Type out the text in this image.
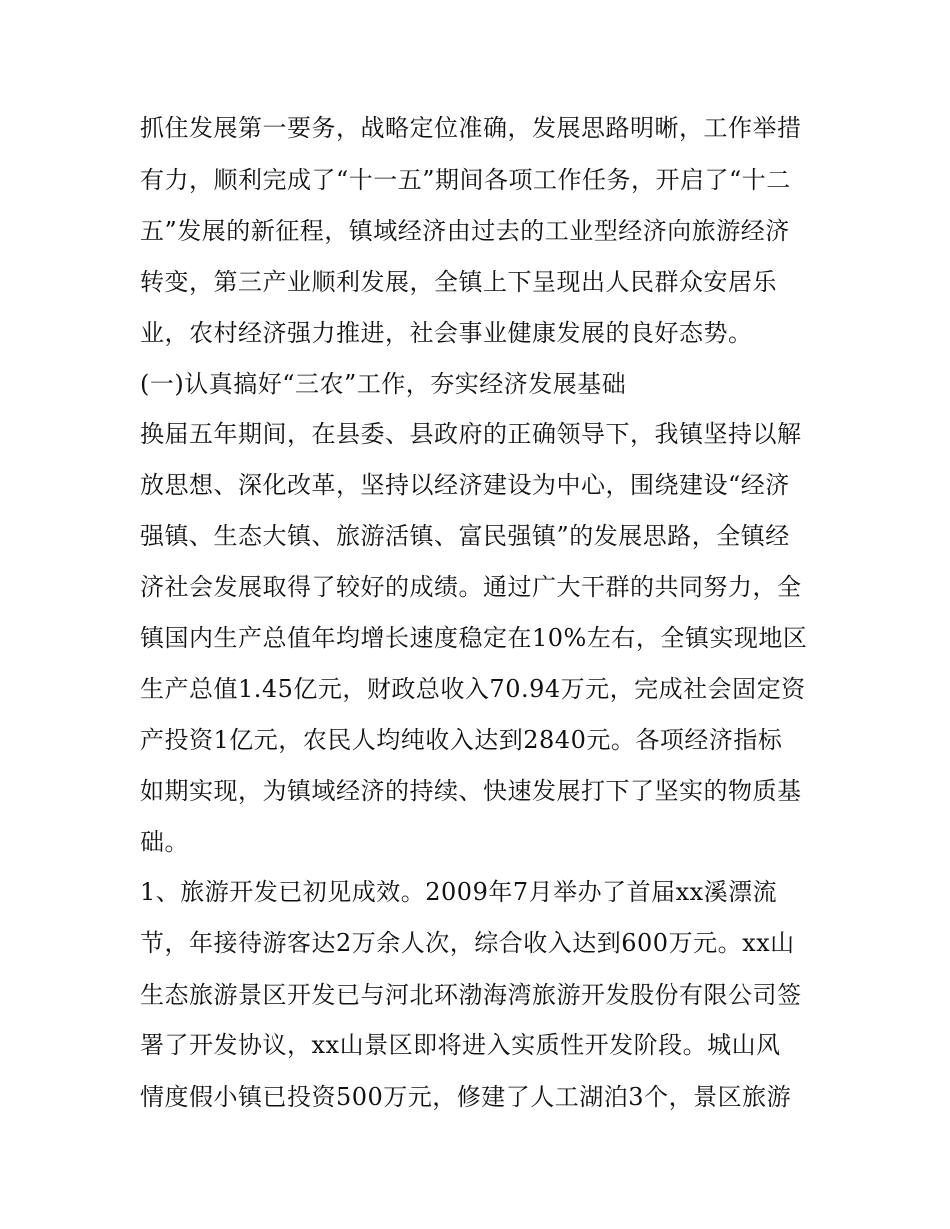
抓住发展第一要务，战略定位准确，发展思路明晰，工作举措
有力，顺利完成了“十一五”期间各项工作任务，开启了“十二
五”发展的新征程，镇域经济由过去的工业型经济向旅游经济
转变，第三产业顺利发展，全镇上下呈现出人民群众安居乐
业，农村经济强力推进，社会事业健康发展的良好态势。
(一)认真搞好“三农”工作，夯实经济发展基础
换届五年期间，在县委、县政府的正确领导下，我镇坚持以解
放思想、深化改革，坚持以经济建设为中心，围绕建设“经济
强镇、生态大镇、旅游活镇、富民强镇”的发展思路，全镇经
济社会发展取得了较好的成绩。通过广大干群的共同努力，全
镇国内生产总值年均增长速度稳定在10%左右，全镇实现地区
生产总值1.45亿元，财政总收入70.94万元，完成社会固定资
产投资1亿元，农民人均纯收入达到2840元。各项经济指标
如期实现，为镇域经济的持续、快速发展打下了坚实的物质基
础。
1、旅游开发已初见成效。2009年7月举办了首届xx溪漂流
节，年接待游客达2万余人次，综合收入达到600万元。xx山
生态旅游景区开发已与河北环渤海湾旅游开发股份有限公司签
署了开发协议，xx山景区即将进入实质性开发阶段。城山风
情度假小镇已投资500万元，修建了人工湖泊3个，景区旅游
